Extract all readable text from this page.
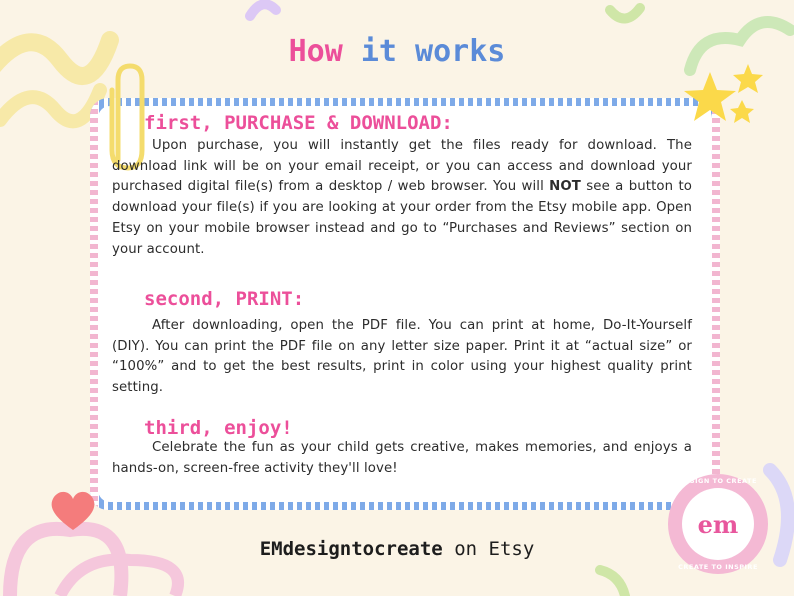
How it works
first, PURCHASE & DOWNLOAD:
Upon purchase, you will instantly get the files ready for download. The download link will be on your email receipt, or you can access and download your purchased digital file(s) from a desktop / web browser. You will NOT see a button to download your file(s) if you are looking at your order from the Etsy mobile app. Open Etsy on your mobile browser instead and go to “Purchases and Reviews” section on your account.
second, PRINT:
After downloading, open the PDF file. You can print at home, Do-It-Yourself (DIY). You can print the PDF file on any letter size paper. Print it at “actual size” or “100%” and to get the best results, print in color using your highest quality print setting.
third, enjoy!
Celebrate the fun as your child gets creative, makes memories, and enjoys a hands-on, screen-free activity they'll love!
EMdesigntocreate on Etsy
DESIGN TO CREATE
em
CREATE TO INSPIRE
